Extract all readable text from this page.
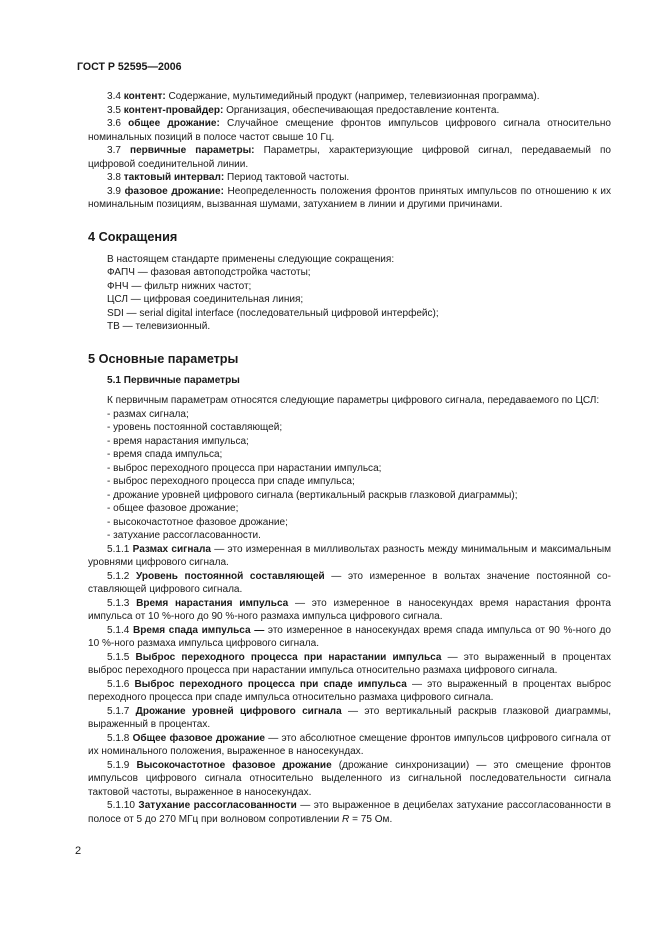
ГОСТ Р 52595—2006

3.4 контент: Содержание, мультимедийный продукт (например, телевизионная программа).

3.5 контент-провайдер: Организация, обеспечивающая предоставление контента.

3.6 общее дрожание: Случайное смещение фронтов импульсов цифрового сигнала относительно номинальных позиций в полосе частот свыше 10 Гц.

3.7 первичные параметры: Параметры, характеризующие цифровой сигнал, передаваемый по цифровой соединительной линии.

3.8 тактовый интервал: Период тактовой частоты.

3.9 фазовое дрожание: Неопределенность положения фронтов принятых импульсов по отношению к их номинальным позициям, вызванная шумами, затуханием в линии и другими причинами.

4 Сокращения

В настоящем стандарте применены следующие сокращения:

ФАПЧ — фазовая автоподстройка частоты;

ФНЧ — фильтр нижних частот;

ЦСЛ — цифровая соединительная линия;

SDI — serial digital interface (последовательный цифровой интерфейс);

ТВ — телевизионный.

5 Основные параметры
5.1 Первичные параметры

К первичным параметрам относятся следующие параметры цифрового сигнала, передаваемого по ЦСЛ:

- размах сигнала;

- уровень постоянной составляющей;

- время нарастания импульса;

- время спада импульса;

- выброс переходного процесса при нарастании импульса;

- выброс переходного процесса при спаде импульса;

- дрожание уровней цифрового сигнала (вертикальный раскрыв глазковой диаграммы);

- общее фазовое дрожание;

- высокочастотное фазовое дрожание;

- затухание рассогласованности.

5.1.1 Размах сигнала — это измеренная в милливольтах разность между минимальным и максимальным уровнями цифрового сигнала.

5.1.2 Уровень постоянной составляющей — это измеренное в вольтах значение постоянной составляющей цифрового сигнала.

5.1.3 Время нарастания импульса — это измеренное в наносекундах время нарастания фронта импульса от 10 %-ного до 90 %-ного размаха импульса цифрового сигнала.

5.1.4 Время спада импульса — это измеренное в наносекундах время спада импульса от 90 %-ного до 10 %-ного размаха импульса цифрового сигнала.

5.1.5 Выброс переходного процесса при нарастании импульса — это выраженный в процентах выброс переходного процесса при нарастании импульса относительно размаха цифрового сигнала.

5.1.6 Выброс переходного процесса при спаде импульса — это выраженный в процентах выброс переходного процесса при спаде импульса относительно размаха цифрового сигнала.

5.1.7 Дрожание уровней цифрового сигнала — это вертикальный раскрыв глазковой диаграммы, выраженный в процентах.

5.1.8 Общее фазовое дрожание — это абсолютное смещение фронтов импульсов цифрового сигнала от их номинального положения, выраженное в наносекундах.

5.1.9 Высокочастотное фазовое дрожание (дрожание синхронизации) — это смещение фронтов импульсов цифрового сигнала относительно выделенного из сигнальной последовательности сигнала тактовой частоты, выраженное в наносекундах.

5.1.10 Затухание рассогласованности — это выраженное в децибелах затухание рассогласованности в полосе от 5 до 270 МГц при волновом сопротивлении R = 75 Ом.

2
